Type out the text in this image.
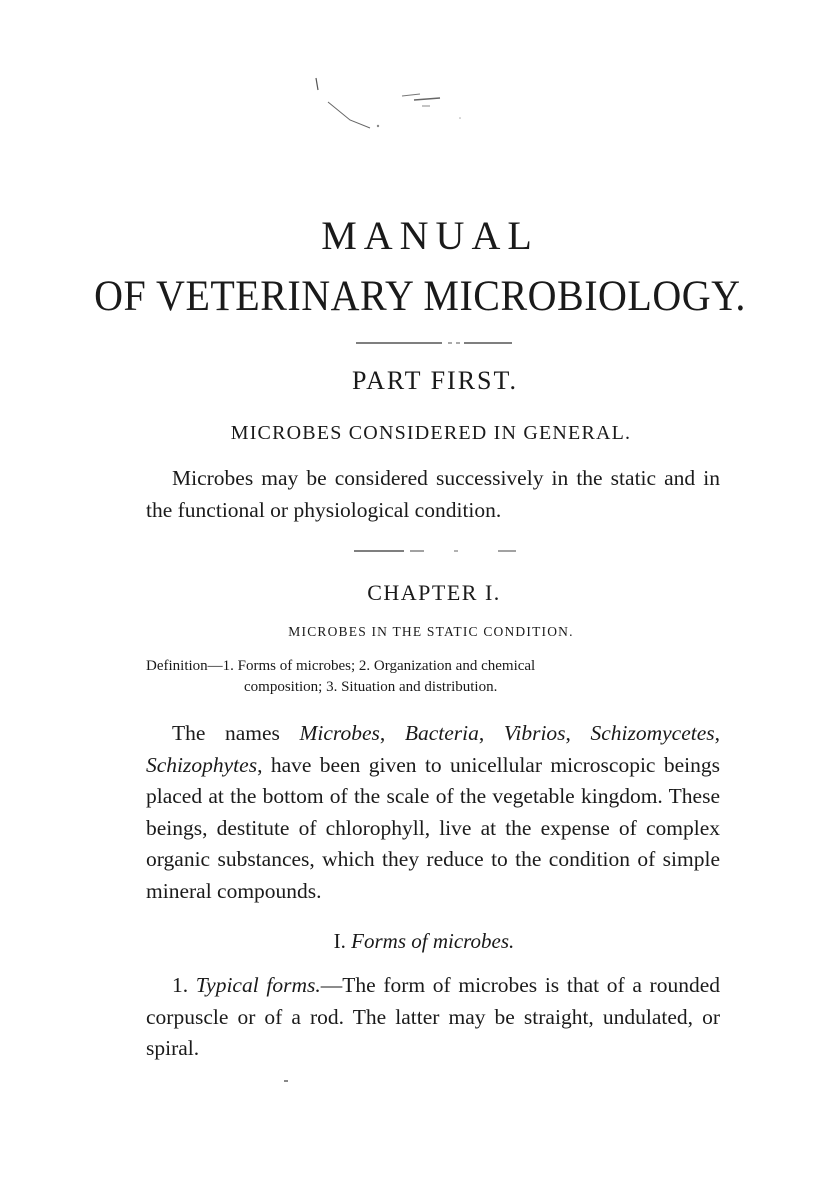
MANUAL
OF VETERINARY MICROBIOLOGY.
PART FIRST.
MICROBES CONSIDERED IN GENERAL.
Microbes may be considered successively in the static and in the functional or physiological condition.
CHAPTER I.
MICROBES IN THE STATIC CONDITION.
Definition—1. Forms of microbes; 2. Organization and chemical
composition; 3. Situation and distribution.
The names Microbes, Bacteria, Vibrios, Schizomycetes, Schizophytes, have been given to unicellular microscopic beings placed at the bottom of the scale of the vegetable kingdom. These beings, destitute of chlorophyll, live at the expense of complex organic substances, which they reduce to the condition of simple mineral compounds.
I. Forms of microbes.
1. Typical forms.—The form of microbes is that of a rounded corpuscle or of a rod. The latter may be straight, undulated, or spiral.
